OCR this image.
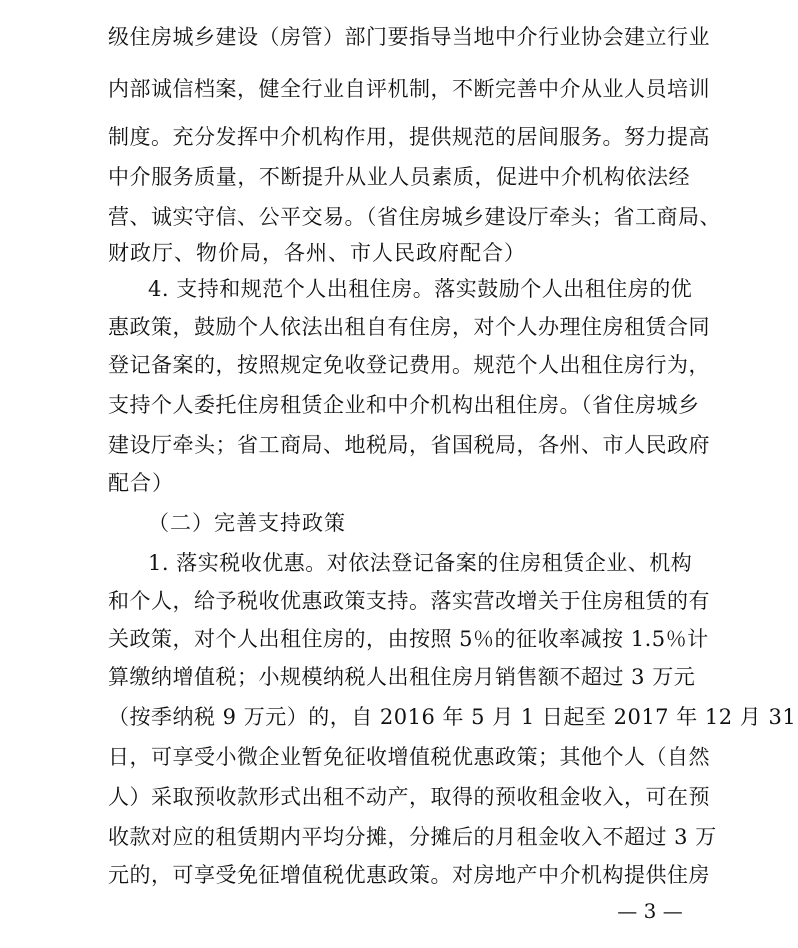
级住房城乡建设（房管）部门要指导当地中介行业协会建立行业
内部诚信档案，健全行业自评机制，不断完善中介从业人员培训
制度。充分发挥中介机构作用，提供规范的居间服务。努力提高
中介服务质量，不断提升从业人员素质，促进中介机构依法经
营、诚实守信、公平交易。（省住房城乡建设厅牵头；省工商局、
财政厅、物价局，各州、市人民政府配合）
4. 支持和规范个人出租住房。落实鼓励个人出租住房的优
惠政策，鼓励个人依法出租自有住房，对个人办理住房租赁合同
登记备案的，按照规定免收登记费用。规范个人出租住房行为，
支持个人委托住房租赁企业和中介机构出租住房。（省住房城乡
建设厅牵头；省工商局、地税局，省国税局，各州、市人民政府
配合）
（二）完善支持政策
1. 落实税收优惠。对依法登记备案的住房租赁企业、机构
和个人，给予税收优惠政策支持。落实营改增关于住房租赁的有
关政策，对个人出租住房的，由按照 5％的征收率减按 1.5％计
算缴纳增值税；小规模纳税人出租住房月销售额不超过 3 万元
（按季纳税 9 万元）的，自 2016 年 5 月 1 日起至 2017 年 12 月 31
日，可享受小微企业暂免征收增值税优惠政策；其他个人（自然
人）采取预收款形式出租不动产，取得的预收租金收入，可在预
收款对应的租赁期内平均分摊，分摊后的月租金收入不超过 3 万
元的，可享受免征增值税优惠政策。对房地产中介机构提供住房
— 3 —
